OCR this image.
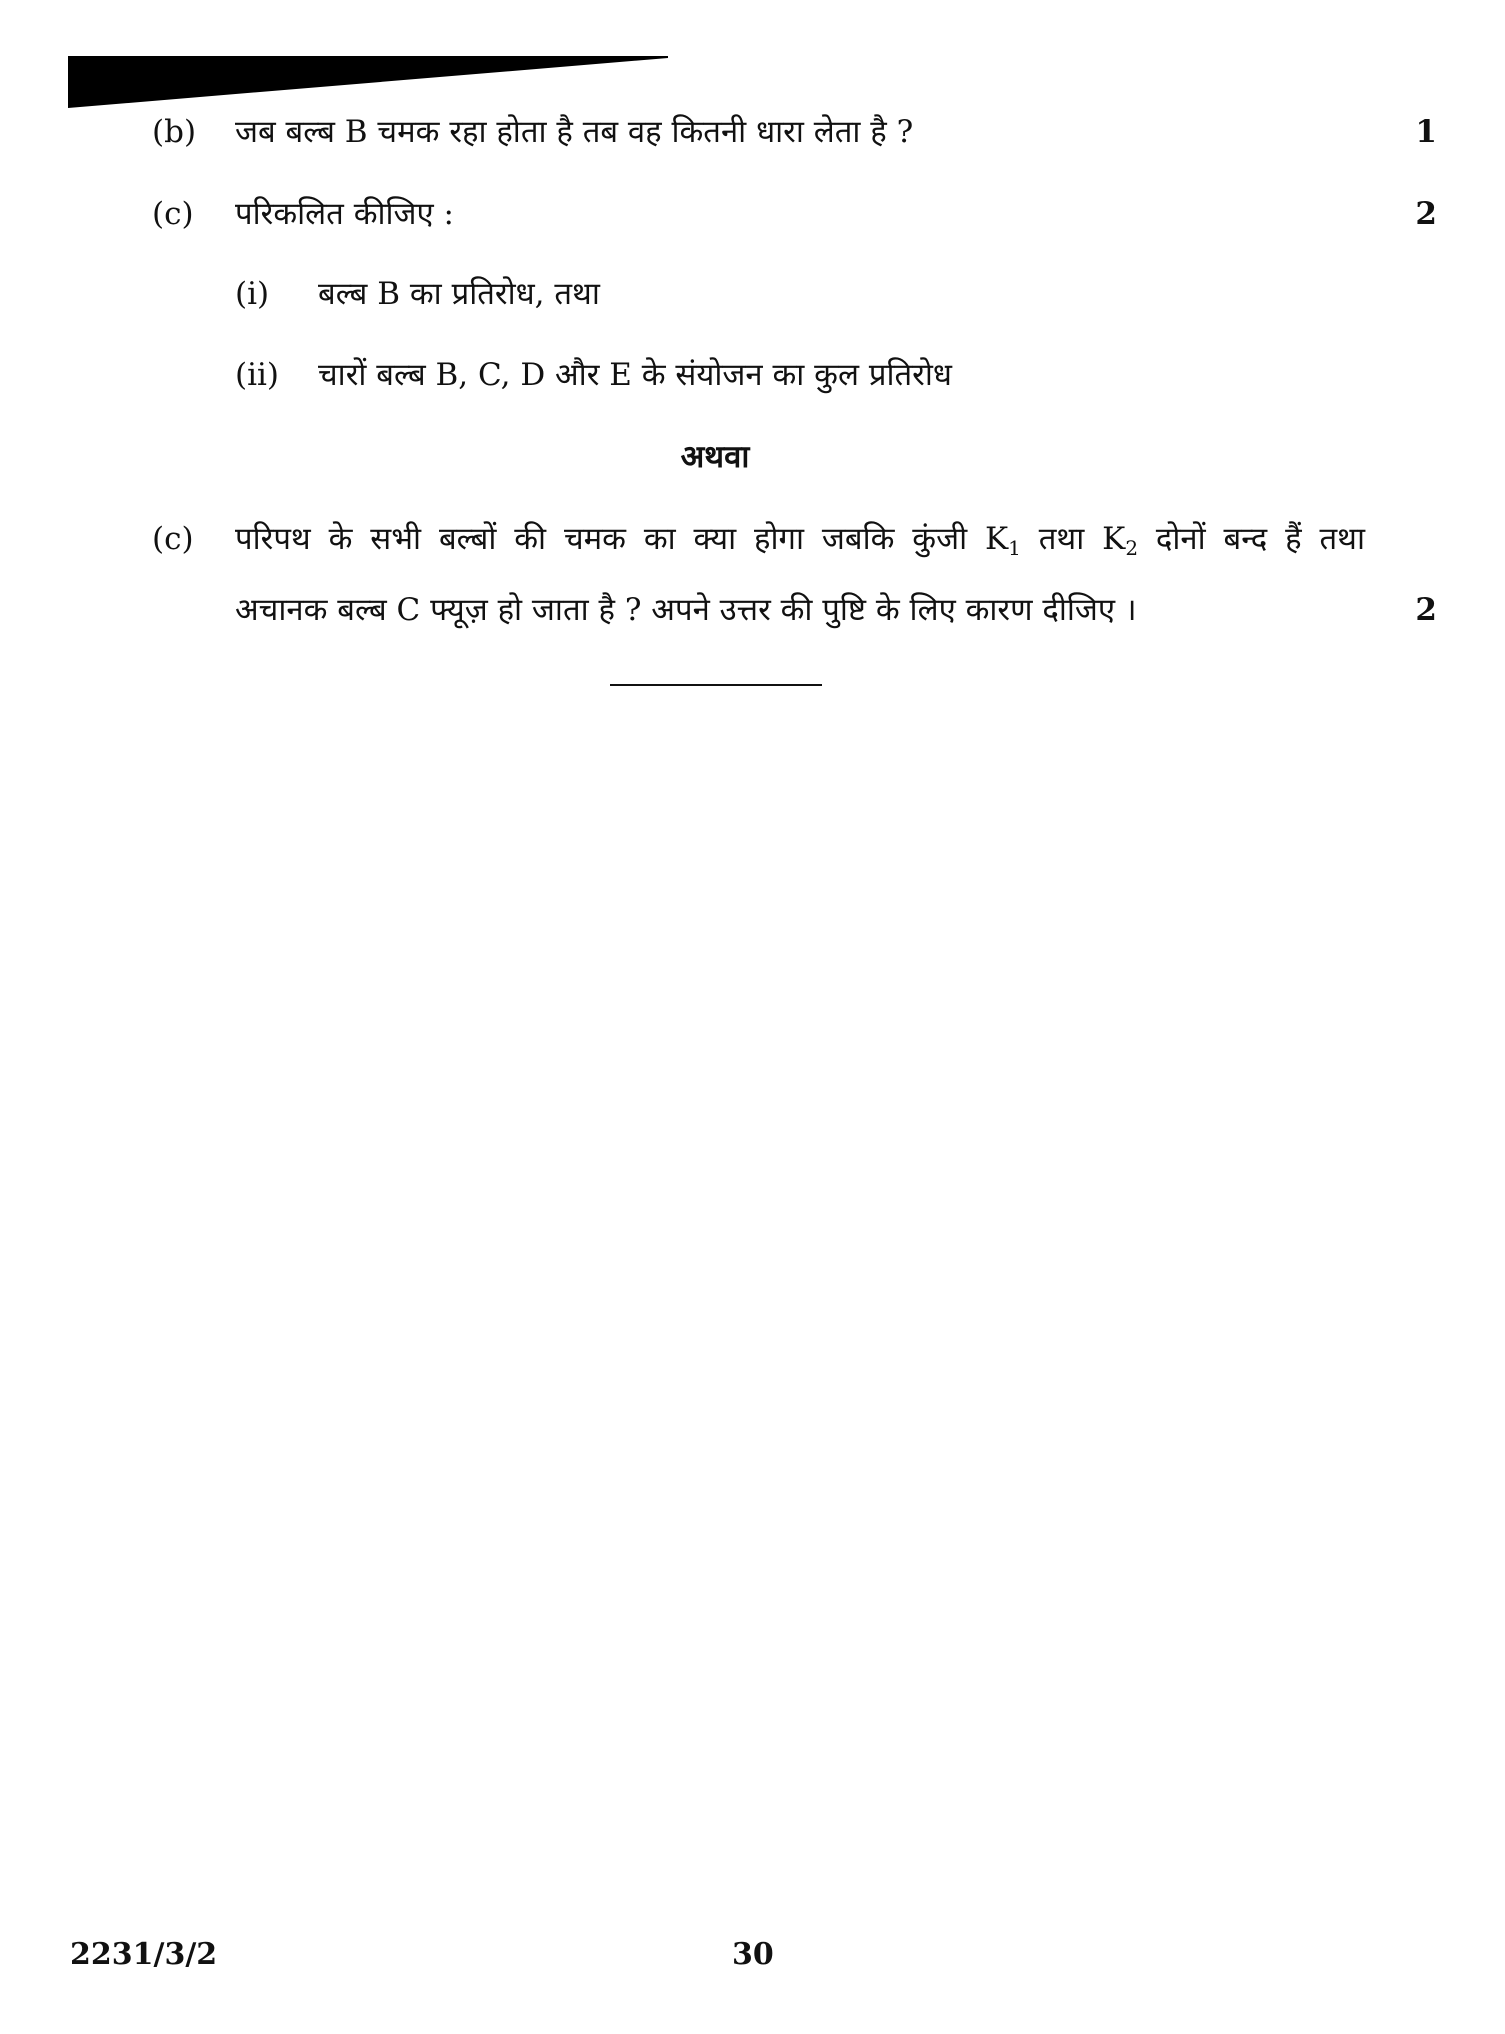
(b) जब बल्ब B चमक रहा होता है तब वह कितनी धारा लेता है ?	1
(c) परिकलित कीजिए :	2
(i) बल्ब B का प्रतिरोध, तथा
(ii) चारों बल्ब B, C, D और E के संयोजन का कुल प्रतिरोध
अथवा
(c) परिपथ के सभी बल्बों की चमक का क्या होगा जबकि कुंजी $K_1$ तथा $K_2$ दोनों बन्द हैं तथा
अचानक बल्ब C फ्यूज़ हो जाता है ? अपने उत्तर की पुष्टि के लिए कारण दीजिए ।	2
2231/3/2	30
